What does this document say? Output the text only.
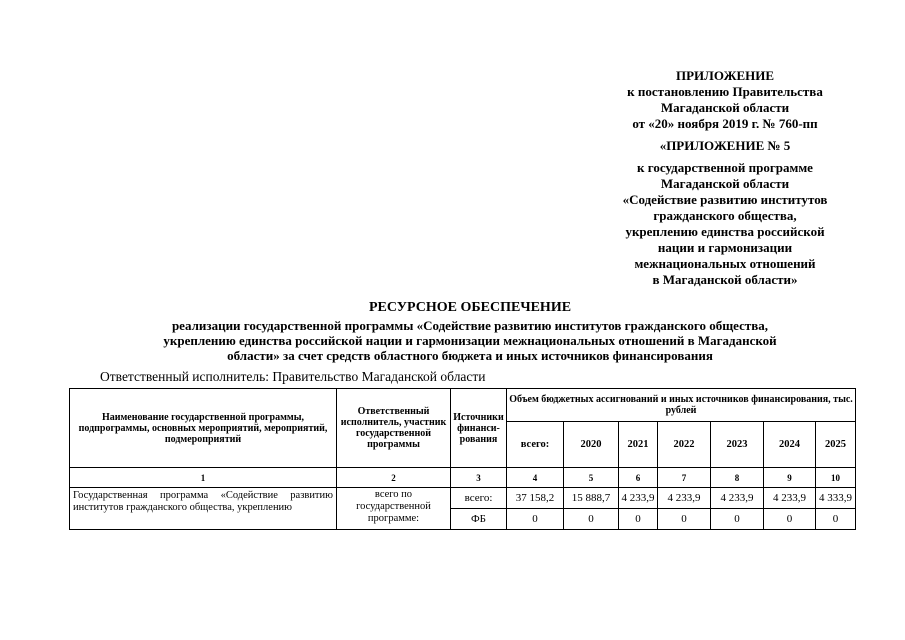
ПРИЛОЖЕНИЕ
к постановлению Правительства
Магаданской области
от «20» ноября 2019 г. № 760-пп
«ПРИЛОЖЕНИЕ № 5
к государственной программе
Магаданской области
«Содействие развитию институтов
гражданского общества,
укреплению единства российской
нации и гармонизации
межнациональных отношений
в Магаданской области»
РЕСУРСНОЕ ОБЕСПЕЧЕНИЕ
реализации государственной программы «Содействие развитию институтов гражданского общества,
укреплению единства российской нации и гармонизации межнациональных отношений в Магаданской
области» за счет средств областного бюджета и иных источников финансирования
Ответственный исполнитель: Правительство Магаданской области
Наименование государственной программы, подпрограммы, основных мероприятий, мероприятий, подмероприятий	Ответственный исполнитель, участник государственной программы	Источники финанси-рования	Объем бюджетных ассигнований и иных источников финансирования, тыс. рублей						
			всего:	2020	2021	2022	2023	2024	2025
1	2	3	4	5	6	7	8	9	10
Государственная программа «Содействие развитию институтов гражданского общества, укреплению	всего по государственной программе:	всего:	37 158,2	15 888,7	4 233,9	4 233,9	4 233,9	4 233,9	4 333,9
		ФБ	0	0	0	0	0	0	0
